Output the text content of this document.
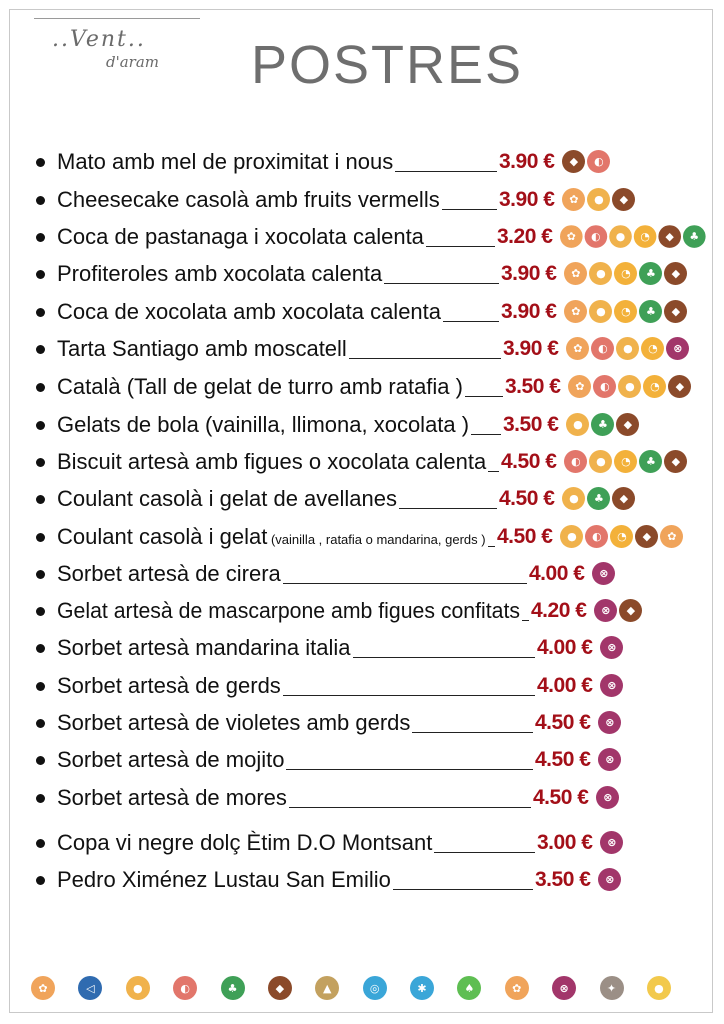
..Vent..
d'aram POSTRES
Mato amb mel de proximitat i nous	3.90 €	◆	◐
Cheesecake casolà amb fruits vermells	3.90 €	✿	●	◆
Coca de pastanaga i xocolata calenta	3.20 €	✿	◐	●	◔	◆	♣
Profiteroles amb xocolata calenta	3.90 €	✿	●	◔	♣	◆
Coca de xocolata amb xocolata calenta	3.90 €	✿	●	◔	♣	◆
Tarta Santiago amb moscatell	3.90 €	✿	◐	●	◔	⊗
Català (Tall de gelat de turro amb ratafia ) 3.50 €	✿	◐	●	◔	◆
Gelats de bola (vainilla, llimona, xocolata ) 3.50 €	●	♣	◆
Biscuit artesà amb figues o xocolata calenta 4.50 €	◐	●	◔	♣	◆
Coulant casolà i gelat de avellanes	4.50 €	●	♣	◆
Coulant casolà i gelat (vainilla , ratafia o mandarina, gerds ) 4.50 €	●	◐	◔	◆	✿
Sorbet artesà de cirera	4.00 €	⊗
Gelat artesà de mascarpone amb figues confitats 4.20 €	⊗	◆
Sorbet artesà mandarina italia	4.00 €	⊗
Sorbet artesà de gerds	4.00 €	⊗
Sorbet artesà de violetes amb gerds	4.50 €	⊗
Sorbet artesà de mojito	4.50 €	⊗
Sorbet artesà de mores	4.50 €	⊗
Copa vi negre dolç Ètim D.O Montsant	3.00 €	⊗
Pedro Ximénez Lustau San Emilio	3.50 €	⊗
✿	◁	●	◐	♣	◆	▲	◎	✱	♠	✿	⊗	✦	●
